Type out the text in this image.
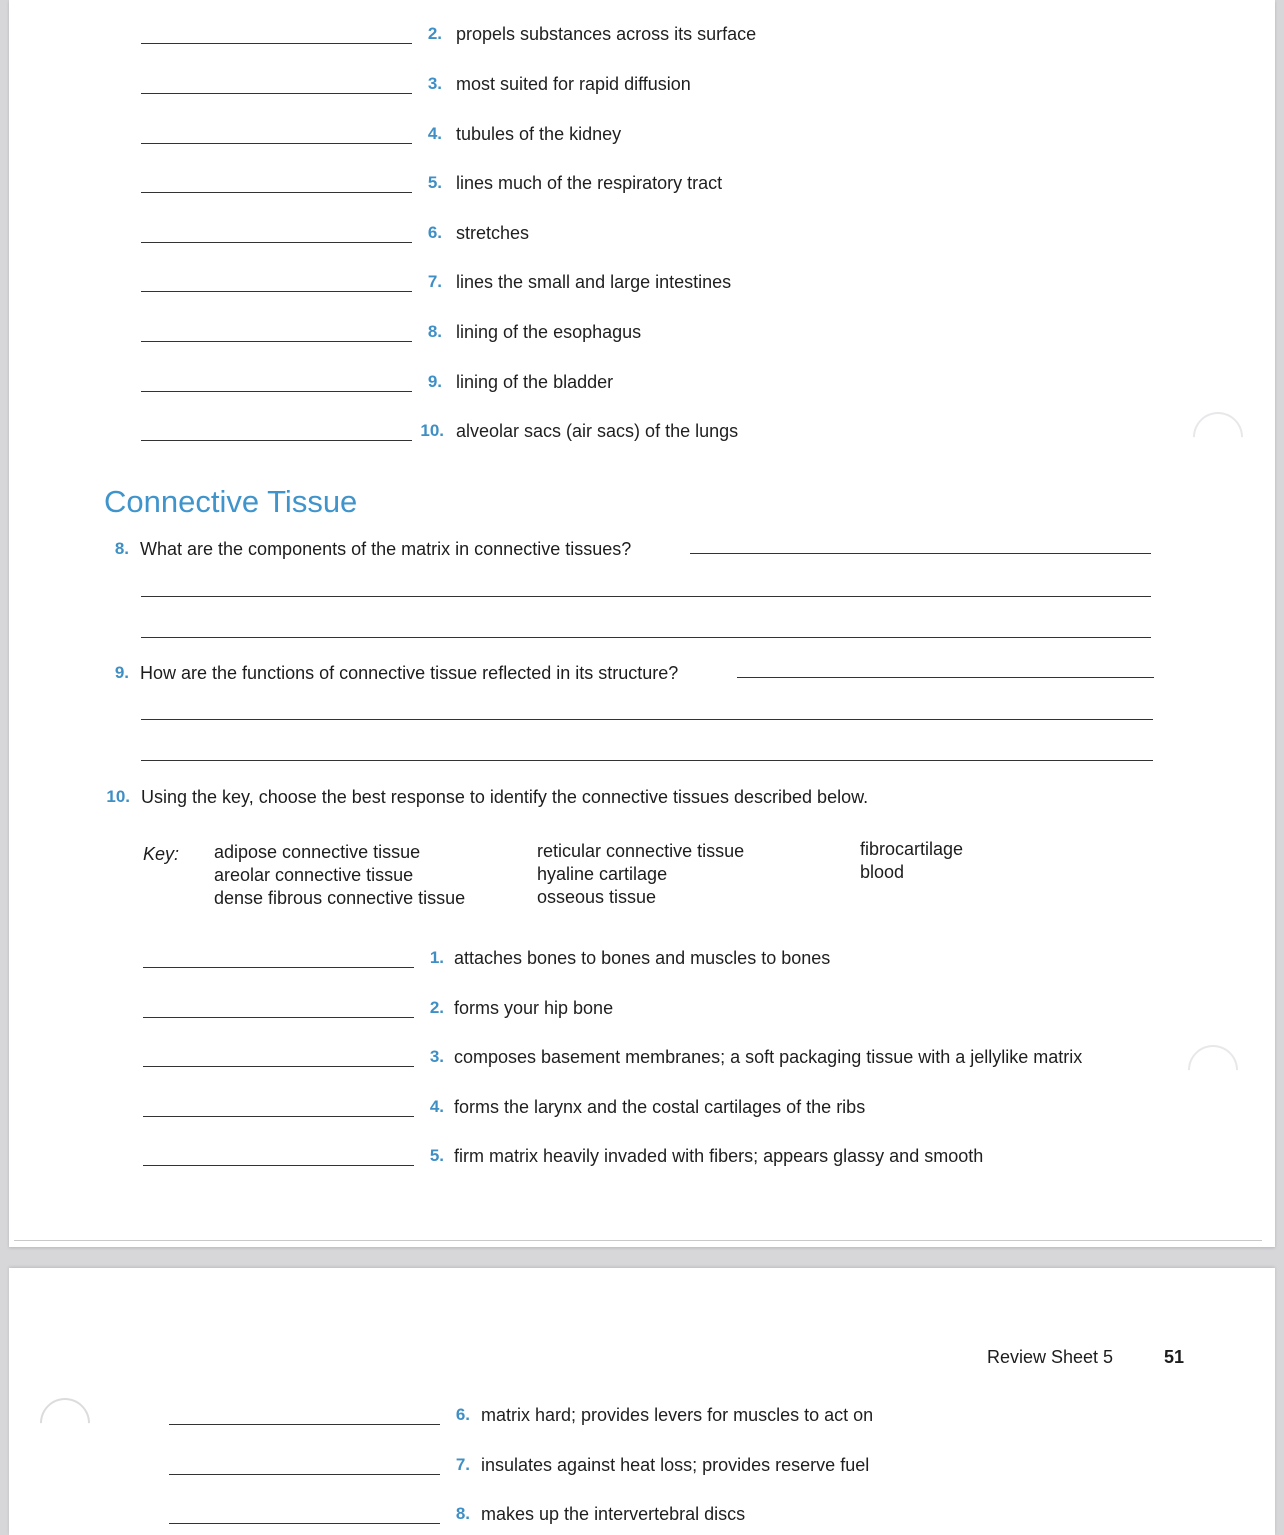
2. propels substances across its surface
3. most suited for rapid diffusion
4. tubules of the kidney
5. lines much of the respiratory tract
6. stretches
7. lines the small and large intestines
8. lining of the esophagus
9. lining of the bladder
10. alveolar sacs (air sacs) of the lungs
Connective Tissue
8. What are the components of the matrix in connective tissues?
9. How are the functions of connective tissue reflected in its structure?
10. Using the key, choose the best response to identify the connective tissues described below.
Key: adipose connective tissue
areolar connective tissue
dense fibrous connective tissue
reticular connective tissue
hyaline cartilage
osseous tissue
fibrocartilage
blood
1. attaches bones to bones and muscles to bones
2. forms your hip bone
3. composes basement membranes; a soft packaging tissue with a jellylike matrix
4. forms the larynx and the costal cartilages of the ribs
5. firm matrix heavily invaded with fibers; appears glassy and smooth
Review Sheet 5	51
6. matrix hard; provides levers for muscles to act on
7. insulates against heat loss; provides reserve fuel
8. makes up the intervertebral discs
